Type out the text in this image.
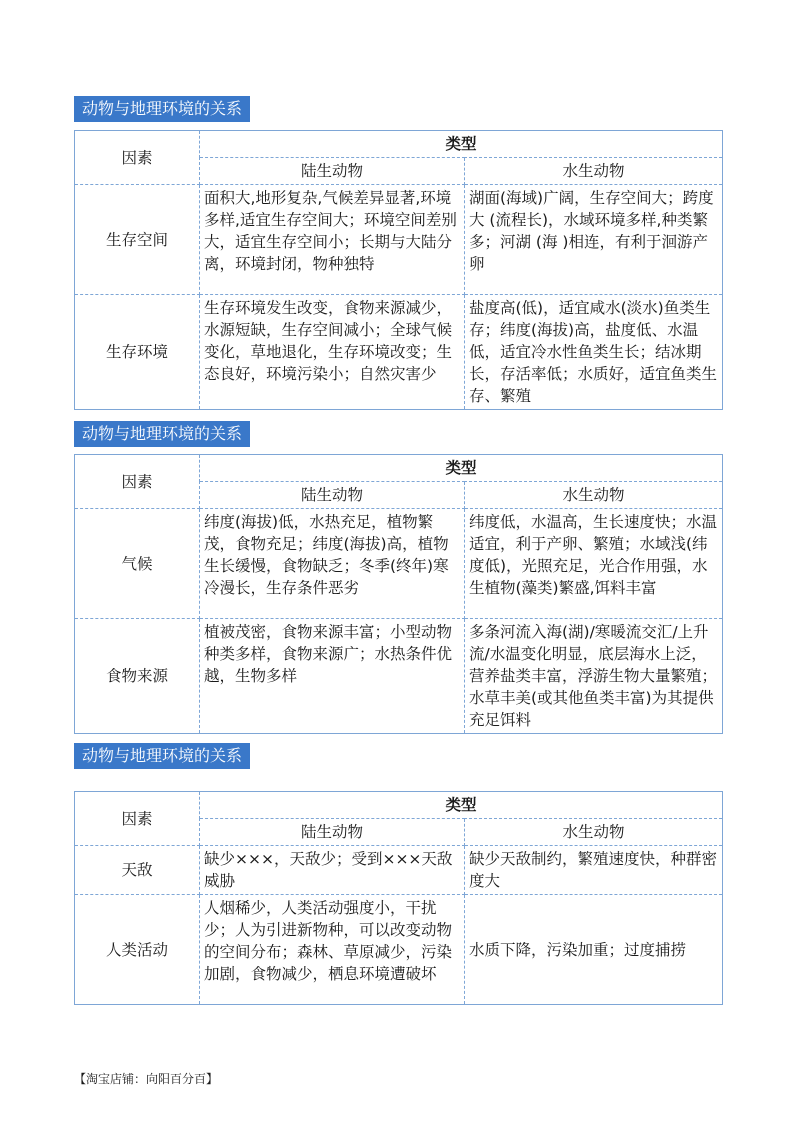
动物与地理环境的关系
因素	类型	
	陆生动物	水生动物
生存空间	面积大,地形复杂,气候差异显著,环境多样,适宜生存空间大；环境空间差别大，适宜生存空间小；长期与大陆分离，环境封闭，物种独特	湖面(海域)广阔，生存空间大；跨度大 (流程长)，水域环境多样,种类繁多；河湖 (海 )相连，有利于洄游产卵
生存环境	生存环境发生改变，食物来源减少，水源短缺，生存空间减小；全球气候变化，草地退化，生存环境改变；生态良好，环境污染小；自然灾害少	盐度高(低)，适宜咸水(淡水)鱼类生存；纬度(海拔)高，盐度低、水温低，适宜冷水性鱼类生长；结冰期长，存活率低；水质好，适宜鱼类生存、繁殖
动物与地理环境的关系
因素	类型	
	陆生动物	水生动物
气候	纬度(海拔)低，水热充足，植物繁茂，食物充足；纬度(海拔)高，植物生长缓慢，食物缺乏；冬季(终年)寒冷漫长，生存条件恶劣	纬度低，水温高，生长速度快；水温适宜，利于产卵、繁殖；水域浅(纬度低)，光照充足，光合作用强，水生植物(藻类)繁盛,饵料丰富
食物来源	植被茂密，食物来源丰富；小型动物种类多样，食物来源广；水热条件优越，生物多样	多条河流入海(湖)/寒暖流交汇/上升流/水温变化明显，底层海水上泛，营养盐类丰富，浮游生物大量繁殖；水草丰美(或其他鱼类丰富)为其提供充足饵料
动物与地理环境的关系
因素	类型	
	陆生动物	水生动物
天敌	缺少×××，天敌少；受到×××天敌威胁	缺少天敌制约，繁殖速度快，种群密度大
人类活动	人烟稀少，人类活动强度小，干扰少；人为引进新物种，可以改变动物的空间分布；森林、草原减少，污染加剧，食物减少，栖息环境遭破坏	水质下降，污染加重；过度捕捞
【淘宝店铺：向阳百分百】
